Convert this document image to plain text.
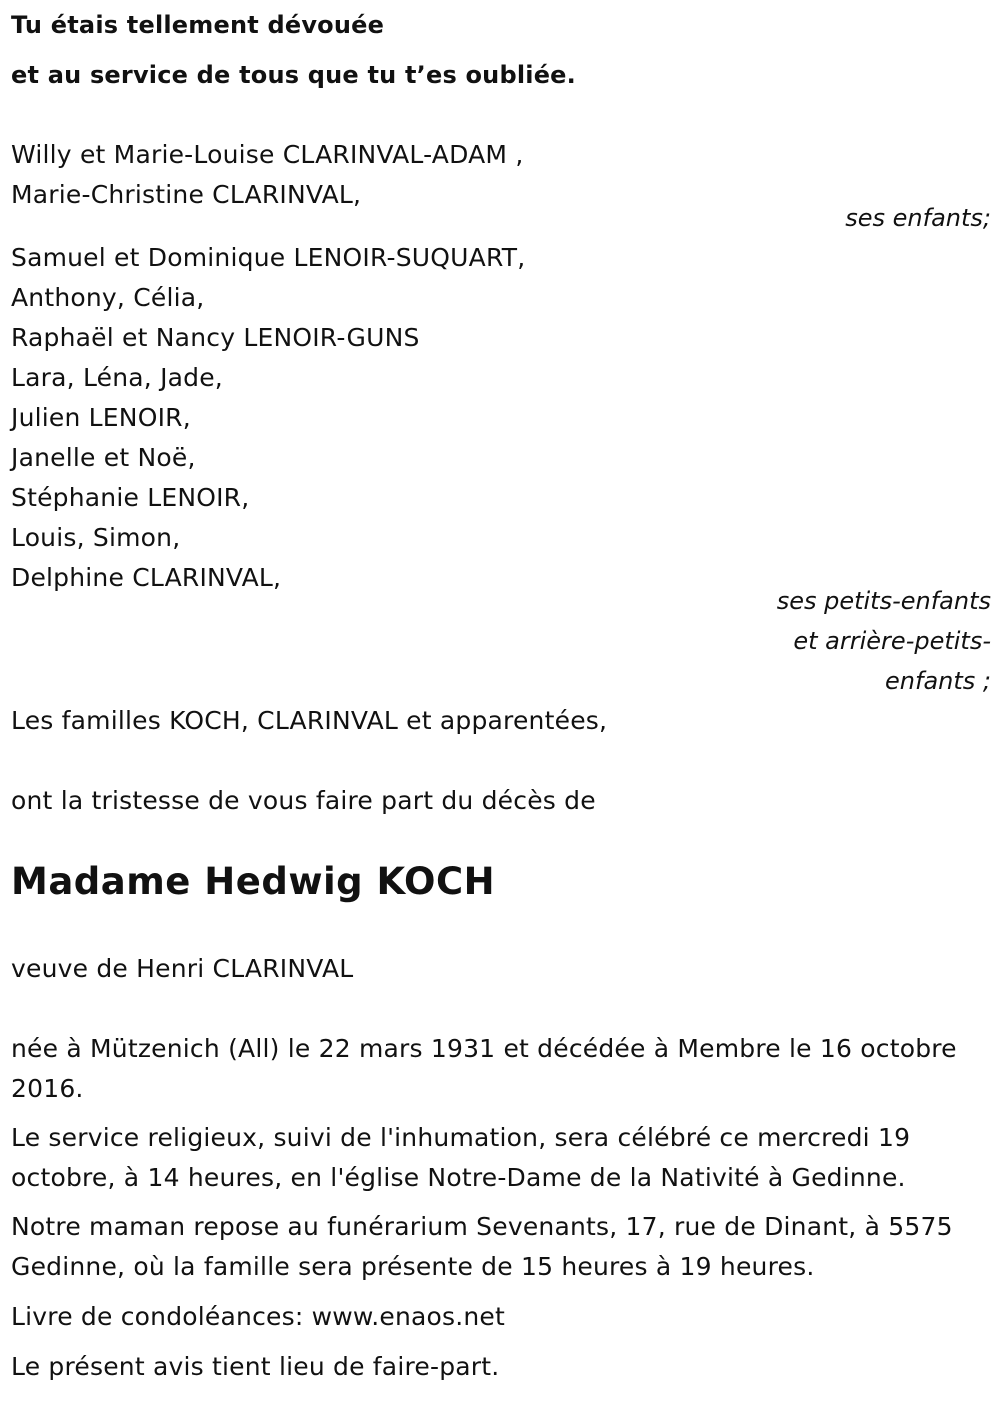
Tu étais tellement dévouée
et au service de tous que tu t’es oubliée.
Willy et Marie-Louise CLARINVAL-ADAM ,
Marie-Christine CLARINVAL,
ses enfants;
Samuel et Dominique LENOIR-SUQUART,
Anthony, Célia,
Raphaël et Nancy LENOIR-GUNS
Lara, Léna, Jade,
Julien LENOIR,
Janelle et Noë,
Stéphanie LENOIR,
Louis, Simon,
Delphine CLARINVAL,
ses petits-enfants
et arrière-petits-
enfants ;
Les familles KOCH, CLARINVAL et apparentées,
ont la tristesse de vous faire part du décès de
Madame Hedwig KOCH
veuve de Henri CLARINVAL
née à Mützenich (All) le 22 mars 1931 et décédée à Membre le 16 octobre
2016.
Le service religieux, suivi de l'inhumation, sera célébré ce mercredi 19
octobre, à 14 heures, en l'église Notre-Dame de la Nativité à Gedinne.
Notre maman repose au funérarium Sevenants, 17, rue de Dinant, à 5575
Gedinne, où la famille sera présente de 15 heures à 19 heures.
Livre de condoléances: www.enaos.net
Le présent avis tient lieu de faire-part.
